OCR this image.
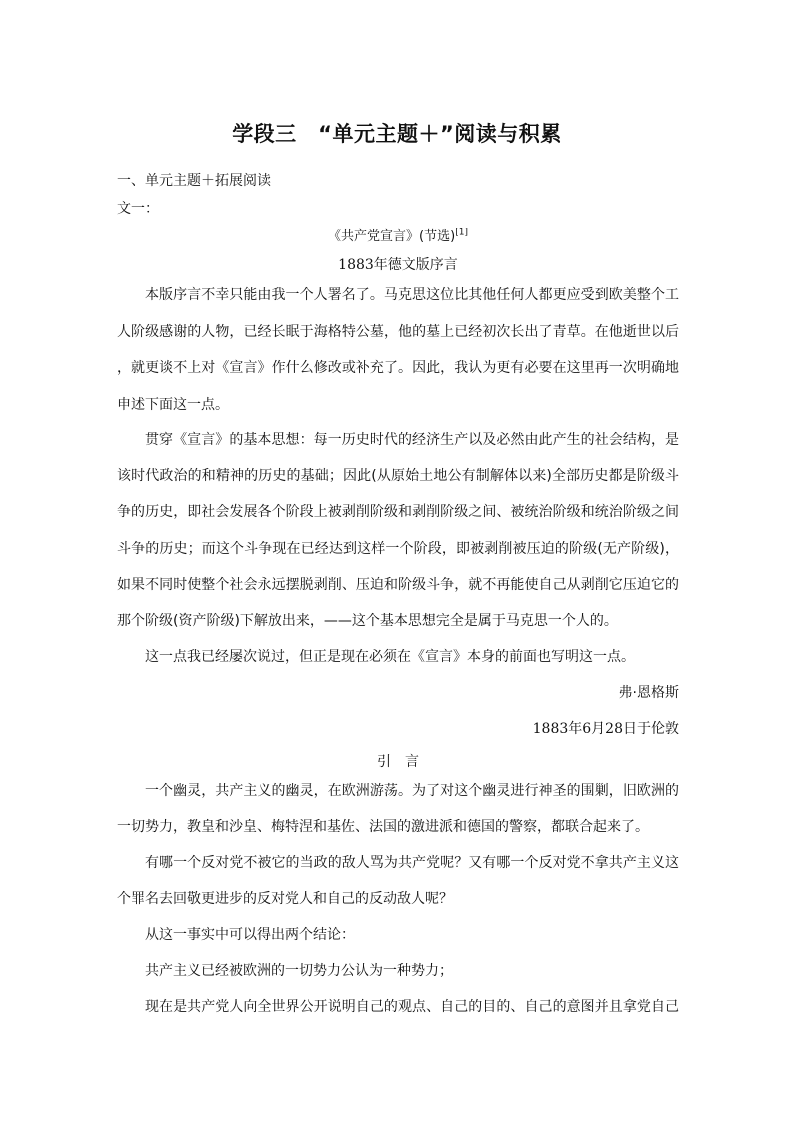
学段三　“单元主题＋”阅读与积累
一、单元主题＋拓展阅读
文一：
《共产党宣言》(节选)[1]
1883年德文版序言
本版序言不幸只能由我一个人署名了。马克思这位比其他任何人都更应受到欧美整个工
人阶级感谢的人物，已经长眠于海格特公墓，他的墓上已经初次长出了青草。在他逝世以后
，就更谈不上对《宣言》作什么修改或补充了。因此，我认为更有必要在这里再一次明确地
申述下面这一点。
贯穿《宣言》的基本思想：每一历史时代的经济生产以及必然由此产生的社会结构，是
该时代政治的和精神的历史的基础；因此(从原始土地公有制解体以来)全部历史都是阶级斗
争的历史，即社会发展各个阶段上被剥削阶级和剥削阶级之间、被统治阶级和统治阶级之间
斗争的历史；而这个斗争现在已经达到这样一个阶段，即被剥削被压迫的阶级(无产阶级)，
如果不同时使整个社会永远摆脱剥削、压迫和阶级斗争，就不再能使自己从剥削它压迫它的
那个阶级(资产阶级)下解放出来，——这个基本思想完全是属于马克思一个人的。
这一点我已经屡次说过，但正是现在必须在《宣言》本身的前面也写明这一点。
弗·恩格斯
1883年6月28日于伦敦
引　言
一个幽灵，共产主义的幽灵，在欧洲游荡。为了对这个幽灵进行神圣的围剿，旧欧洲的
一切势力，教皇和沙皇、梅特涅和基佐、法国的激进派和德国的警察，都联合起来了。
有哪一个反对党不被它的当政的敌人骂为共产党呢？又有哪一个反对党不拿共产主义这
个罪名去回敬更进步的反对党人和自己的反动敌人呢？
从这一事实中可以得出两个结论：
共产主义已经被欧洲的一切势力公认为一种势力；
现在是共产党人向全世界公开说明自己的观点、自己的目的、自己的意图并且拿党自己
